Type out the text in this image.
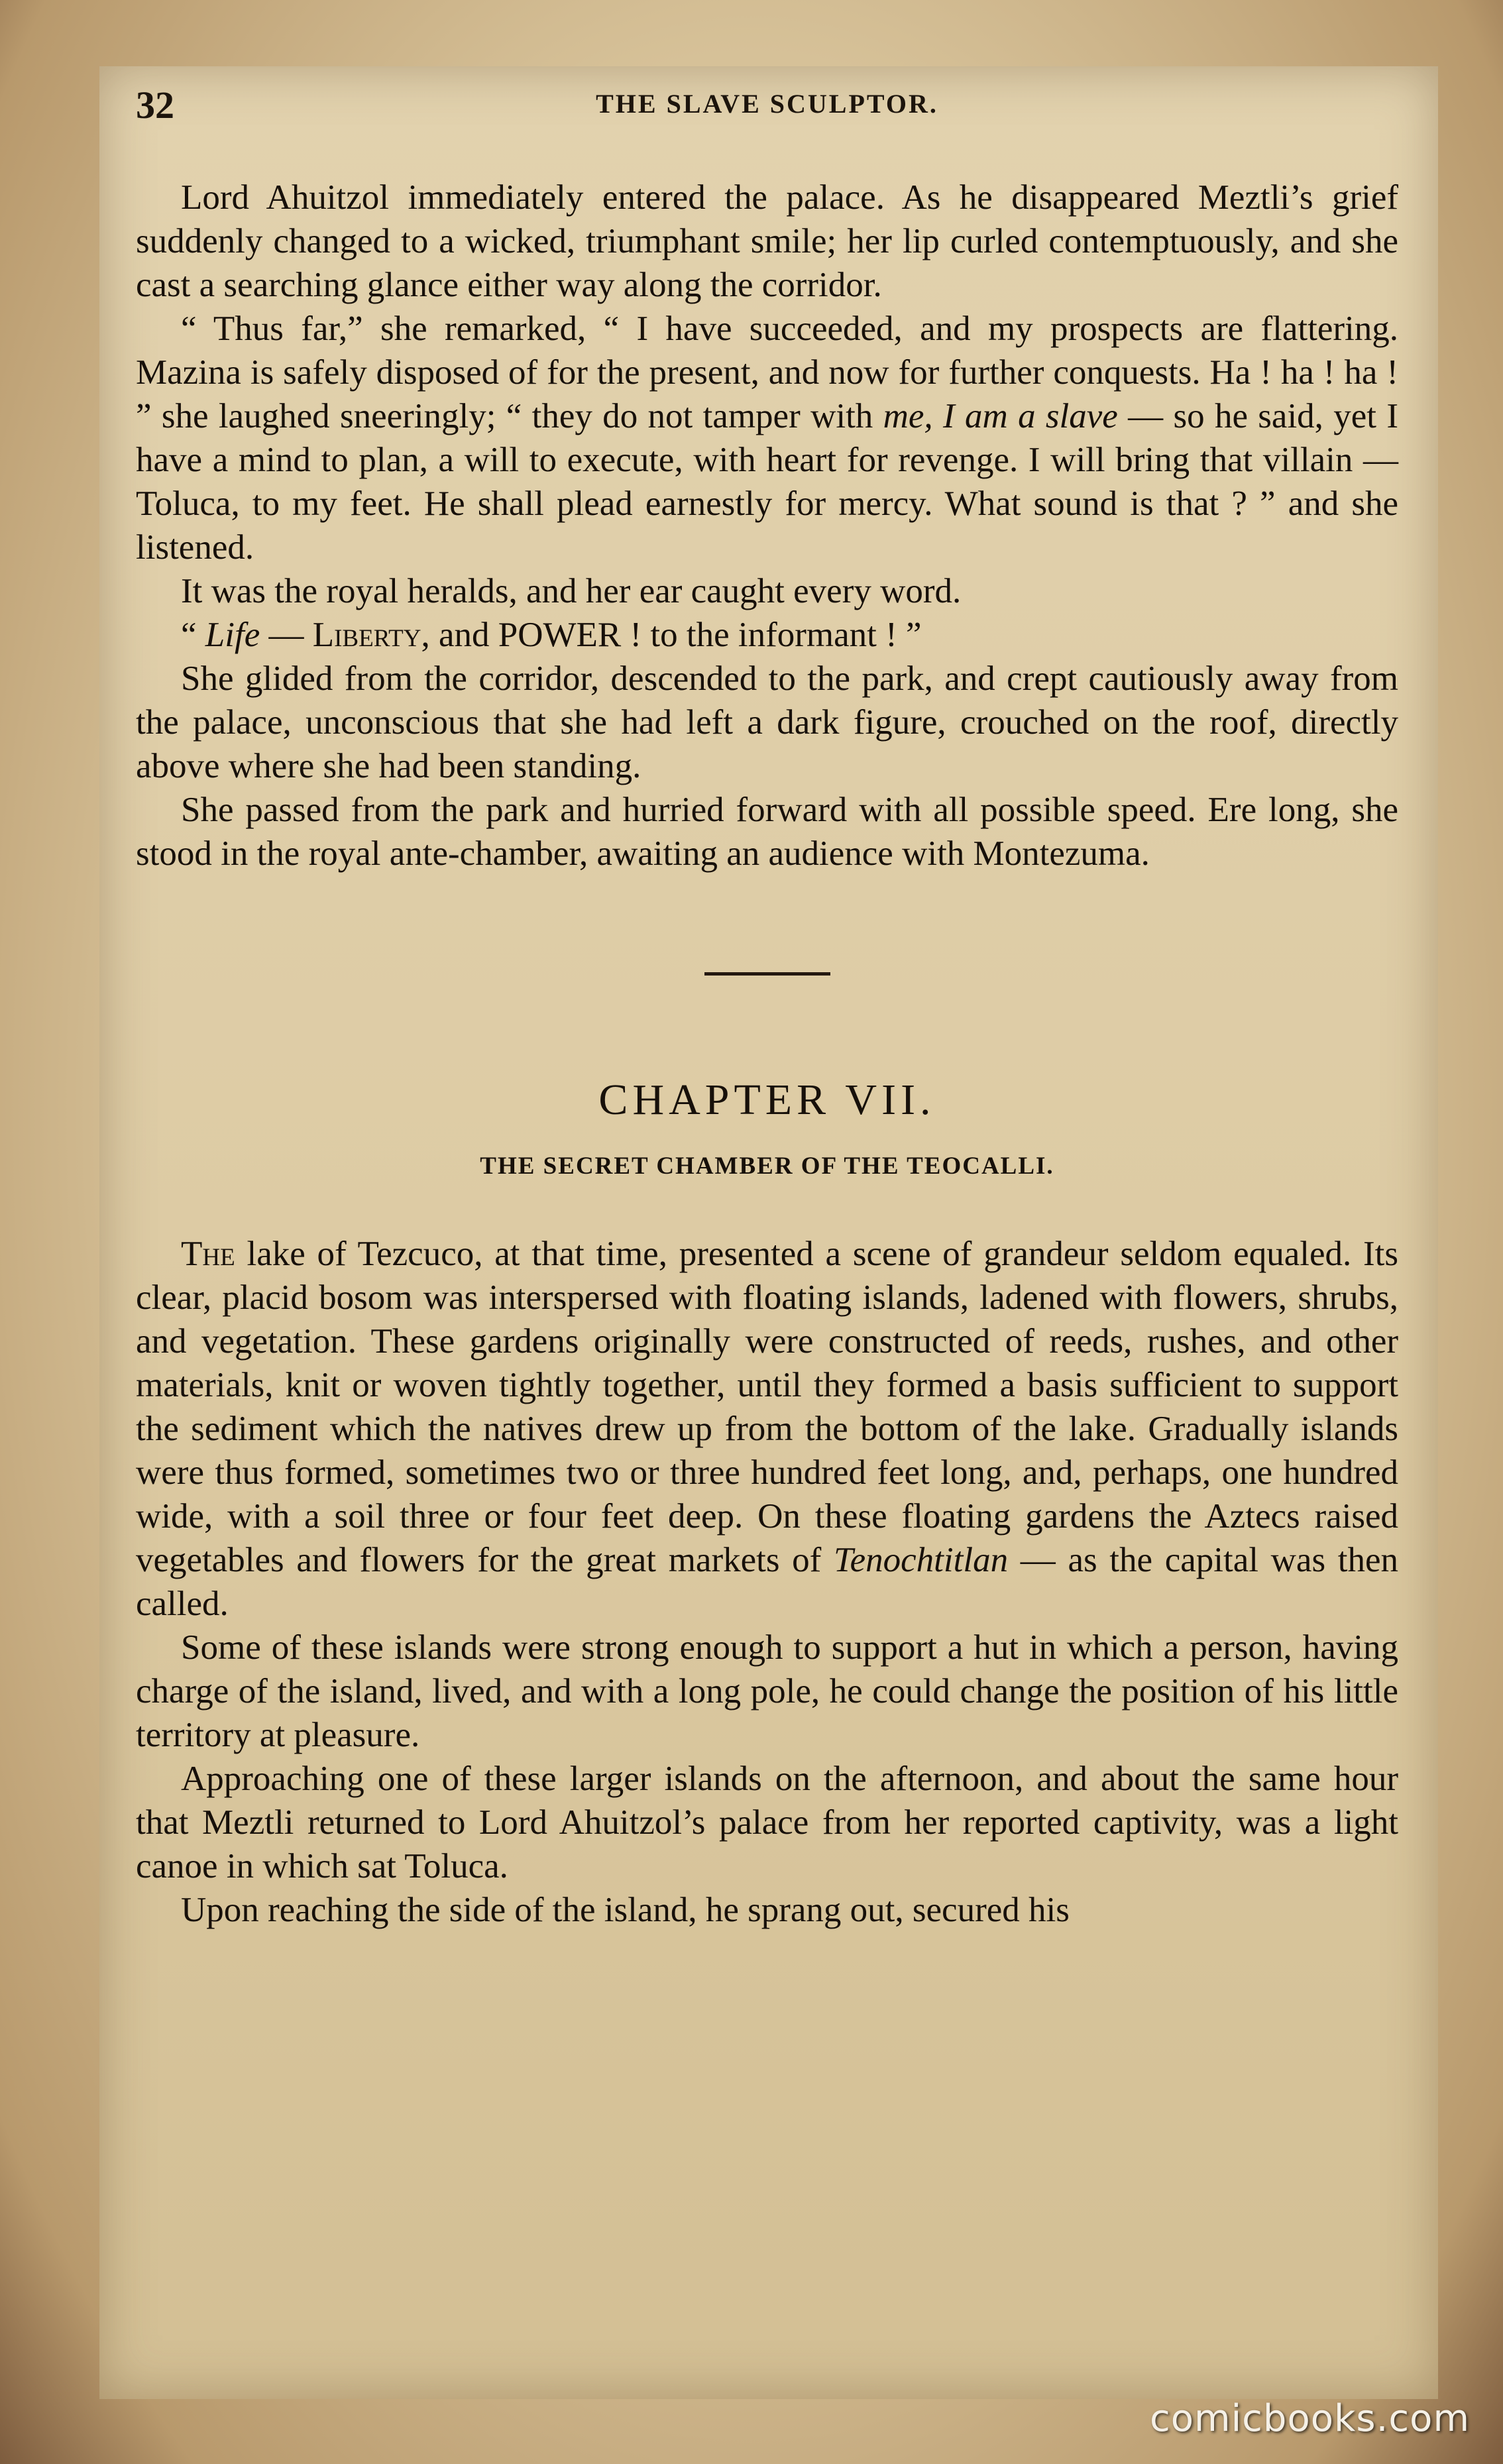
32	THE SLAVE SCULPTOR.

Lord Ahuitzol immediately entered the palace. As he disappeared Meztli’s grief suddenly changed to a wicked, triumphant smile; her lip curled contemptuously, and she cast a searching glance either way along the corridor.

“ Thus far,” she remarked, “ I have succeeded, and my prospects are flattering. Mazina is safely disposed of for the present, and now for further conquests. Ha ! ha ! ha ! ” she laughed sneeringly; “ they do not tamper with me, I am a slave — so he said, yet I have a mind to plan, a will to execute, with heart for revenge. I will bring that villain — Toluca, to my feet. He shall plead earnestly for mercy. What sound is that ? ” and she listened.

It was the royal heralds, and her ear caught every word.

“ Life — Liberty, and POWER ! to the informant ! ”

She glided from the corridor, descended to the park, and crept cautiously away from the palace, unconscious that she had left a dark figure, crouched on the roof, directly above where she had been standing.

She passed from the park and hurried forward with all possible speed. Ere long, she stood in the royal ante-chamber, awaiting an audience with Montezuma.

CHAPTER VII.
THE SECRET CHAMBER OF THE TEOCALLI.

The lake of Tezcuco, at that time, presented a scene of grandeur seldom equaled. Its clear, placid bosom was interspersed with floating islands, ladened with flowers, shrubs, and vegetation. These gardens originally were constructed of reeds, rushes, and other materials, knit or woven tightly together, until they formed a basis sufficient to support the sediment which the natives drew up from the bottom of the lake. Gradually islands were thus formed, sometimes two or three hundred feet long, and, perhaps, one hundred wide, with a soil three or four feet deep. On these floating gardens the Aztecs raised vegetables and flowers for the great markets of Tenochtitlan — as the capital was then called.

Some of these islands were strong enough to support a hut in which a person, having charge of the island, lived, and with a long pole, he could change the position of his little territory at pleasure.

Approaching one of these larger islands on the afternoon, and about the same hour that Meztli returned to Lord Ahuitzol’s palace from her reported captivity, was a light canoe in which sat Toluca.

Upon reaching the side of the island, he sprang out, secured his

comicbooks.com
